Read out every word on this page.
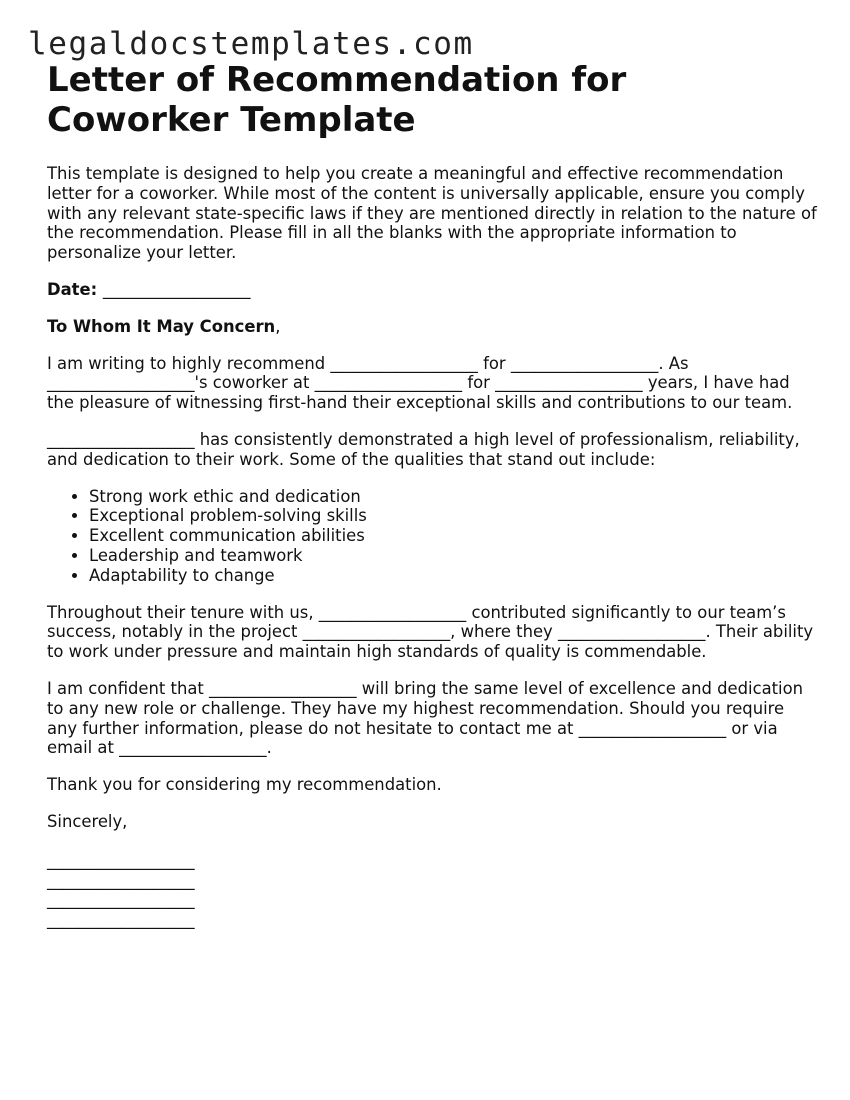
legaldocstemplates.com
Letter of Recommendation for
Coworker Template

This template is designed to help you create a meaningful and effective recommendation letter for a coworker. While most of the content is universally applicable, ensure you comply with any relevant state-specific laws if they are mentioned directly in relation to the nature of the recommendation. Please fill in all the blanks with the appropriate information to personalize your letter.

Date: __________________

To Whom It May Concern,

I am writing to highly recommend __________________ for __________________. As __________________'s coworker at __________________ for __________________ years, I have had the pleasure of witnessing first-hand their exceptional skills and contributions to our team.

__________________ has consistently demonstrated a high level of professionalism, reliability, and dedication to their work. Some of the qualities that stand out include:

• Strong work ethic and dedication
• Exceptional problem-solving skills
• Excellent communication abilities
• Leadership and teamwork
• Adaptability to change

Throughout their tenure with us, __________________ contributed significantly to our team’s success, notably in the project __________________, where they __________________. Their ability to work under pressure and maintain high standards of quality is commendable.

I am confident that __________________ will bring the same level of excellence and dedication to any new role or challenge. They have my highest recommendation. Should you require any further information, please do not hesitate to contact me at __________________ or via email at __________________.

Thank you for considering my recommendation.

Sincerely,

__________________
__________________
__________________
__________________
